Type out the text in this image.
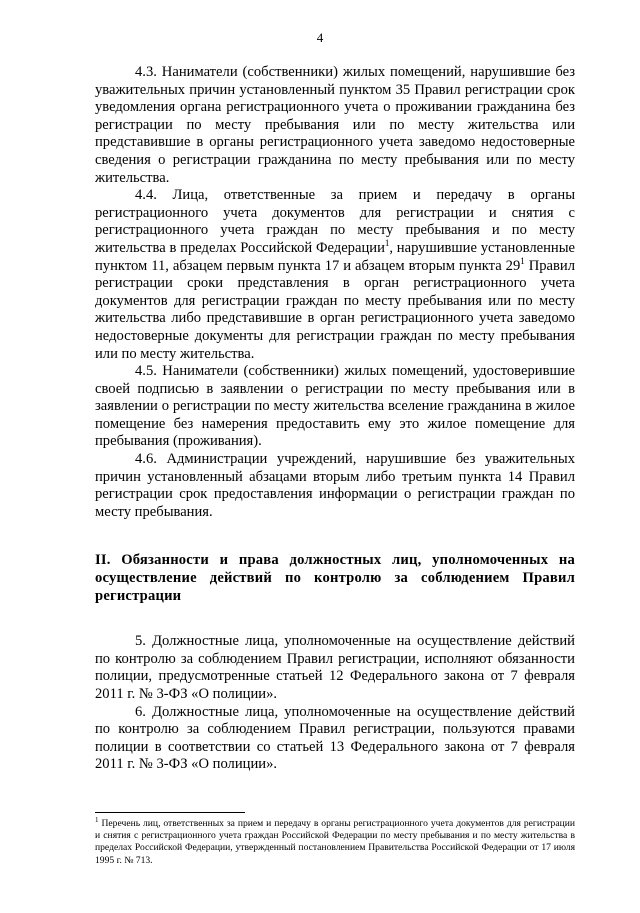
4

4.3. Наниматели (собственники) жилых помещений, нарушившие без уважительных причин установленный пунктом 35 Правил регистрации срок уведомления органа регистрационного учета о проживании гражданина без регистрации по месту пребывания или по месту жительства или представившие в органы регистрационного учета заведомо недостоверные сведения о регистрации гражданина по месту пребывания или по месту жительства.

4.4. Лица, ответственные за прием и передачу в органы регистрационного учета документов для регистрации и снятия с регистрационного учета граждан по месту пребывания и по месту жительства в пределах Российской Федерации$^1$, нарушившие установленные пунктом 11, абзацем первым пункта 17 и абзацем вторым пункта $29^1$ Правил регистрации сроки представления в орган регистрационного учета документов для регистрации граждан по месту пребывания или по месту жительства либо представившие в орган регистрационного учета заведомо недостоверные документы для регистрации граждан по месту пребывания или по месту жительства.

4.5. Наниматели (собственники) жилых помещений, удостоверившие своей подписью в заявлении о регистрации по месту пребывания или в заявлении о регистрации по месту жительства вселение гражданина в жилое помещение без намерения предоставить ему это жилое помещение для пребывания (проживания).

4.6. Администрации учреждений, нарушившие без уважительных причин установленный абзацами вторым либо третьим пункта 14 Правил регистрации срок предоставления информации о регистрации граждан по месту пребывания.

II. Обязанности и права должностных лиц, уполномоченных на осуществление действий по контролю за соблюдением Правил регистрации

5. Должностные лица, уполномоченные на осуществление действий по контролю за соблюдением Правил регистрации, исполняют обязанности полиции, предусмотренные статьей 12 Федерального закона от 7 февраля 2011 г. № 3-ФЗ «О полиции».

6. Должностные лица, уполномоченные на осуществление действий по контролю за соблюдением Правил регистрации, пользуются правами полиции в соответствии со статьей 13 Федерального закона от 7 февраля 2011 г. № 3-ФЗ «О полиции».

$^1$ Перечень лиц, ответственных за прием и передачу в органы регистрационного учета документов для регистрации и снятия с регистрационного учета граждан Российской Федерации по месту пребывания и по месту жительства в пределах Российской Федерации, утвержденный постановлением Правительства Российской Федерации от 17 июля 1995 г. № 713.
